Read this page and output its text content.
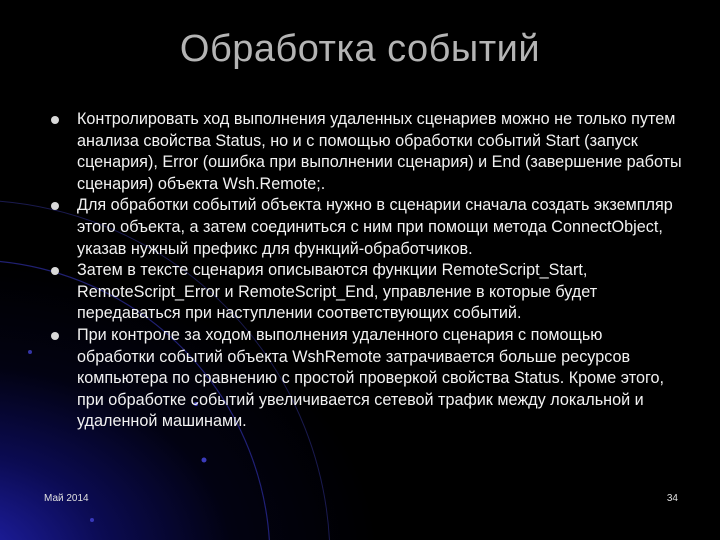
Обработка событий
Контролировать ход выполнения удаленных сценариев можно не только путем анализа свойства Status, но и с помощью обработки событий Start (запуск сценария), Error (ошибка при выполнении сценария) и End (завершение работы сценария) объекта Wsh.Remote;.
Для обработки событий объекта нужно в сценарии сначала создать экземпляр этого объекта, а затем соединиться с ним при помощи метода ConnectObject, указав нужный префикс для функций-обработчиков.
Затем в тексте сценария описываются функции RemoteScript_Start, RemoteScript_Error и RemoteScript_End, управление в которые будет передаваться при наступлении соответствующих событий.
При контроле за ходом выполнения удаленного сценария с помощью обработки событий объекта WshRemote затрачивается больше ресурсов компьютера по сравнению с простой проверкой свойства Status. Кроме этого, при обработке событий увеличивается сетевой трафик между локальной и удаленной машинами.
Май 2014	34
